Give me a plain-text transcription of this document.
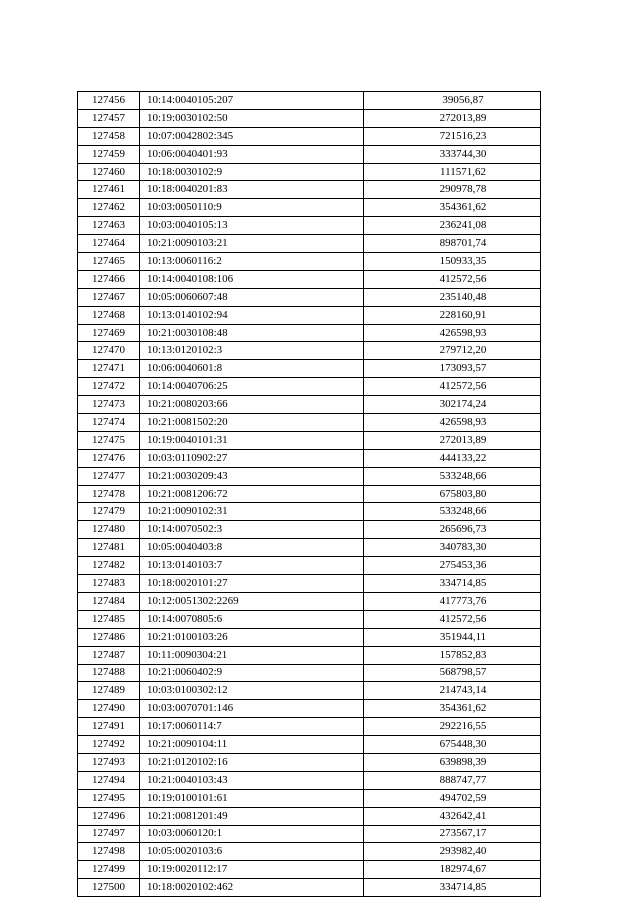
127456	10:14:0040105:207	39056,87
127457	10:19:0030102:50	272013,89
127458	10:07:0042802:345	721516,23
127459	10:06:0040401:93	333744,30
127460	10:18:0030102:9	111571,62
127461	10:18:0040201:83	290978,78
127462	10:03:0050110:9	354361,62
127463	10:03:0040105:13	236241,08
127464	10:21:0090103:21	898701,74
127465	10:13:0060116:2	150933,35
127466	10:14:0040108:106	412572,56
127467	10:05:0060607:48	235140,48
127468	10:13:0140102:94	228160,91
127469	10:21:0030108:48	426598,93
127470	10:13:0120102:3	279712,20
127471	10:06:0040601:8	173093,57
127472	10:14:0040706:25	412572,56
127473	10:21:0080203:66	302174,24
127474	10:21:0081502:20	426598,93
127475	10:19:0040101:31	272013,89
127476	10:03:0110902:27	444133,22
127477	10:21:0030209:43	533248,66
127478	10:21:0081206:72	675803,80
127479	10:21:0090102:31	533248,66
127480	10:14:0070502:3	265696,73
127481	10:05:0040403:8	340783,30
127482	10:13:0140103:7	275453,36
127483	10:18:0020101:27	334714,85
127484	10:12:0051302:2269	417773,76
127485	10:14:0070805:6	412572,56
127486	10:21:0100103:26	351944,11
127487	10:11:0090304:21	157852,83
127488	10:21:0060402:9	568798,57
127489	10:03:0100302:12	214743,14
127490	10:03:0070701:146	354361,62
127491	10:17:0060114:7	292216,55
127492	10:21:0090104:11	675448,30
127493	10:21:0120102:16	639898,39
127494	10:21:0040103:43	888747,77
127495	10:19:0100101:61	494702,59
127496	10:21:0081201:49	432642,41
127497	10:03:0060120:1	273567,17
127498	10:05:0020103:6	293982,40
127499	10:19:0020112:17	182974,67
127500	10:18:0020102:462	334714,85
